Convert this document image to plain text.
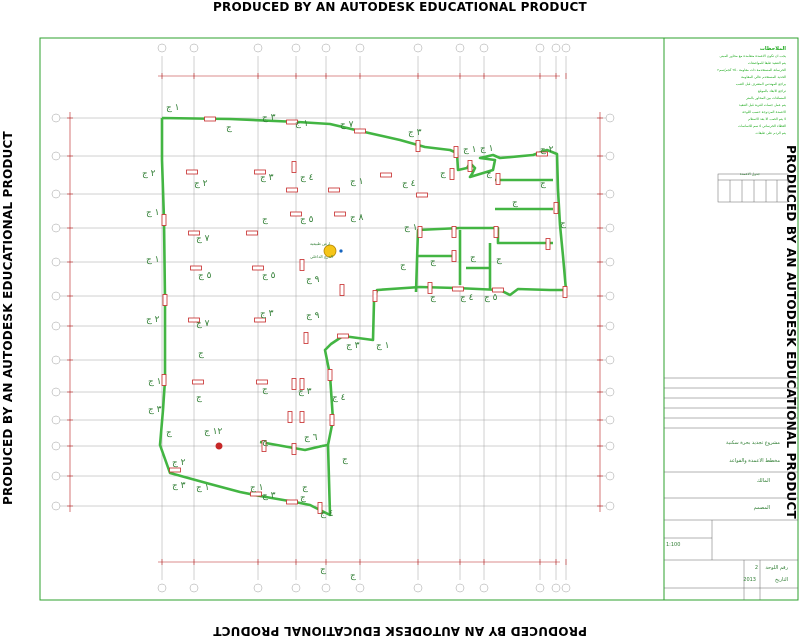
PRODUCED BY AN AUTODESK EDUCATIONAL PRODUCT
PRODUCED BY AN AUTODESK EDUCATIONAL PRODUCT
PRODUCED BY AN AUTODESK EDUCATIONAL PRODUCT	PRODUCED BY AN AUTODESK EDUCATIONAL PRODUCT
١ ج
ج
٣ ج
١ ج	٧ ج
٣ ج
١ ج ١ ج	٢ ج
٢ ج
٣ ج	٤ ج	١ ج	٤ ج
ج
ج
ج
٢ ج
٧ ج
ج	٥ ج	٨ ج
١ ج
ج
ج
١ ج
٥ ج	٥ ج	٩ ج
ج ج
ج
١ ج
٧ ج
٣ ج	٩ ج
٣ ج ١ ج
ج	٤ ج ٥ ج
٢ ج
ج
ج	٣ ج
٤ ج
١ ج
٣ ج
ج
١٢ ج
ج	٦ ج
ج
ج
١ ج
٣ ج	ج
٤ ج
١ ج
٣ ج
٢ ج
ج
ج
ج
ج
ارض طبيعية
الدرج الداخلي
الملاحظات
يجب ان تكون الاعمدة متعامدة مع محاور المبنى
يتم التنفيذ طبقا للمواصفات
الخرسانة المستخدمة ذات مقاومة ٢٥٠ كجم/سم٢
الحديد المستخدم عالي المقاومة
يراجع المهندس المشرف قبل الصب
تراجع الابعاد بالموقع
المسافات بين المحاور بالمتر
يتم عمل جسات للتربة قبل التنفيذ
الاعمدة المزدوجة حسب اللوحة
لا يتم الصب الا بعد الاستلام
الغطاء الخرساني ٥ سم للاساسات
يتم الردم على طبقات
جدول الاعمدة
مشروع تجديد بحرة سكنية
مخطط الاعمدة والقواعد
المالك
المصمم
1:100
2 رقم اللوحة
2013	التاريخ
